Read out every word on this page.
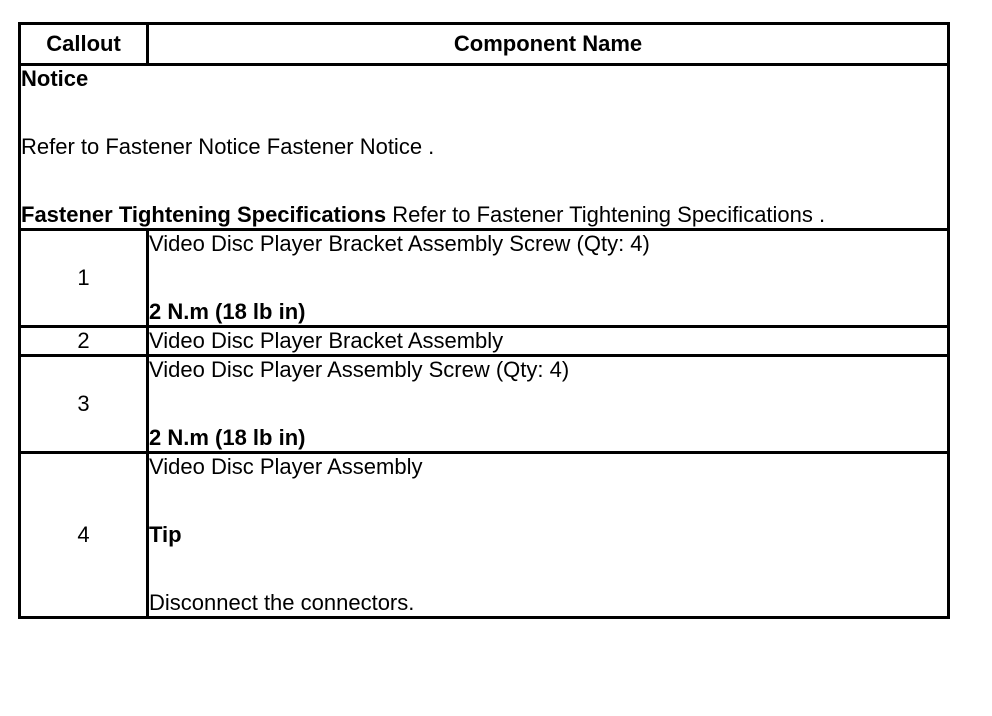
Callout	Component Name

Notice

Refer to Fastener Notice Fastener Notice .

Fastener Tightening Specifications Refer to Fastener Tightening Specifications .	

1	Video Disc Player Bracket Assembly Screw (Qty: 4)

2 N.m (18 lb in)

2	Video Disc Player Bracket Assembly

3	Video Disc Player Assembly Screw (Qty: 4)

2 N.m (18 lb in)

4	Video Disc Player Assembly

Tip

Disconnect the connectors.
